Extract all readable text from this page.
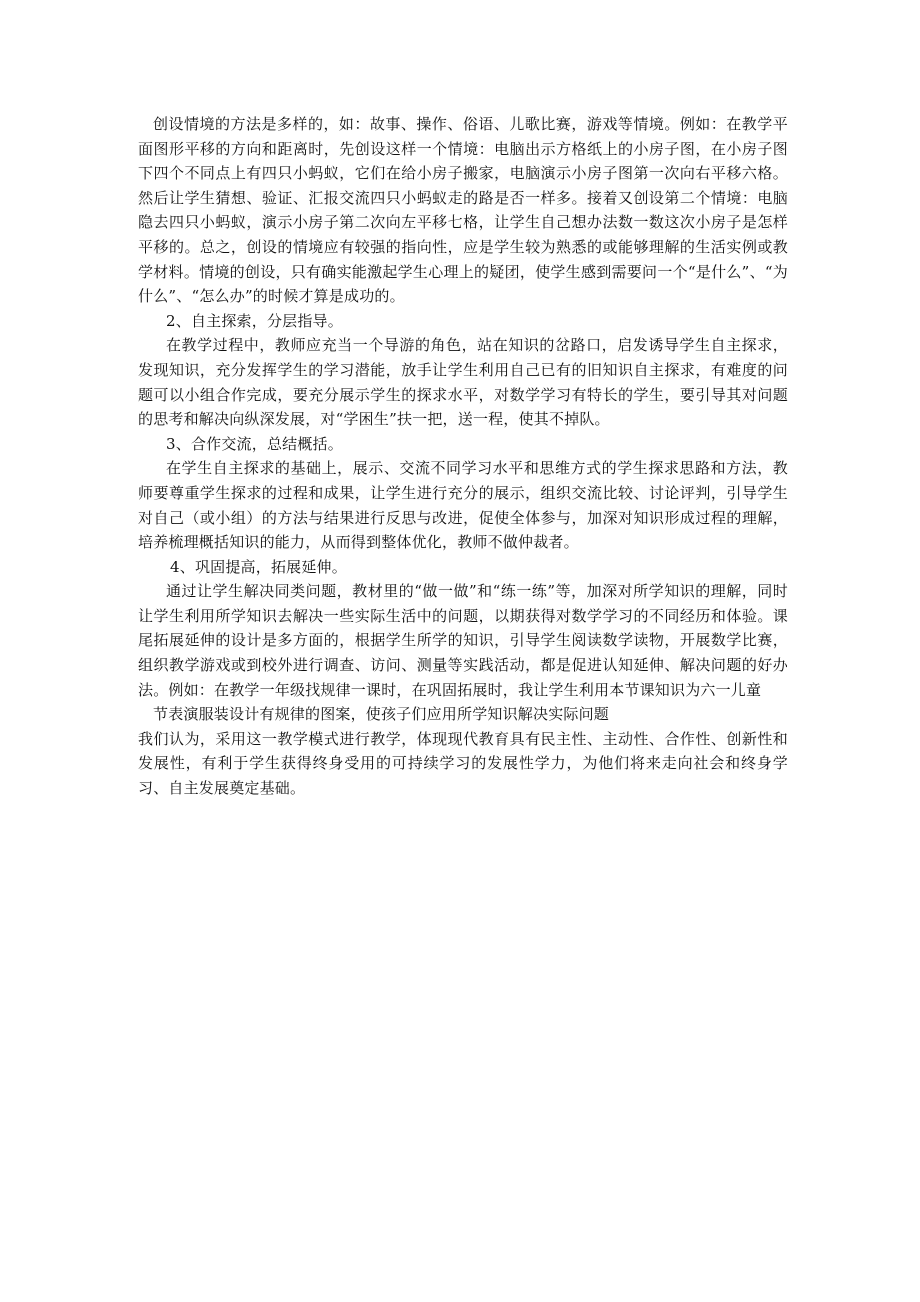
创设情境的方法是多样的，如：故事、操作、俗语、儿歌比赛，游戏等情境。例如：在教学平面图形平移的方向和距离时，先创设这样一个情境：电脑出示方格纸上的小房子图，在小房子图下四个不同点上有四只小蚂蚁，它们在给小房子搬家，电脑演示小房子图第一次向右平移六格。然后让学生猜想、验证、汇报交流四只小蚂蚁走的路是否一样多。接着又创设第二个情境：电脑隐去四只小蚂蚁，演示小房子第二次向左平移七格，让学生自己想办法数一数这次小房子是怎样平移的。总之，创设的情境应有较强的指向性，应是学生较为熟悉的或能够理解的生活实例或教学材料。情境的创设，只有确实能激起学生心理上的疑团，使学生感到需要问一个“是什么”、“为什么”、“怎么办”的时候才算是成功的。

2、自主探索，分层指导。

在教学过程中，教师应充当一个导游的角色，站在知识的岔路口，启发诱导学生自主探求，发现知识，充分发挥学生的学习潜能，放手让学生利用自己已有的旧知识自主探求，有难度的问题可以小组合作完成，要充分展示学生的探求水平，对数学学习有特长的学生，要引导其对问题的思考和解决向纵深发展，对“学困生”扶一把，送一程，使其不掉队。

3、合作交流，总结概括。

在学生自主探求的基础上，展示、交流不同学习水平和思维方式的学生探求思路和方法，教师要尊重学生探求的过程和成果，让学生进行充分的展示，组织交流比较、讨论评判，引导学生对自己（或小组）的方法与结果进行反思与改进，促使全体参与，加深对知识形成过程的理解，培养梳理概括知识的能力，从而得到整体优化，教师不做仲裁者。

4、巩固提高，拓展延伸。

通过让学生解决同类问题，教材里的“做一做”和“练一练”等，加深对所学知识的理解，同时让学生利用所学知识去解决一些实际生活中的问题，以期获得对数学学习的不同经历和体验。课尾拓展延伸的设计是多方面的，根据学生所学的知识，引导学生阅读数学读物，开展数学比赛，组织教学游戏或到校外进行调查、访问、测量等实践活动，都是促进认知延伸、解决问题的好办法。例如：在教学一年级找规律一课时，在巩固拓展时，我让学生利用本节课知识为六一儿童

节表演服装设计有规律的图案，使孩子们应用所学知识解决实际问题

我们认为，采用这一教学模式进行教学，体现现代教育具有民主性、主动性、合作性、创新性和发展性，有利于学生获得终身受用的可持续学习的发展性学力，为他们将来走向社会和终身学习、自主发展奠定基础。
